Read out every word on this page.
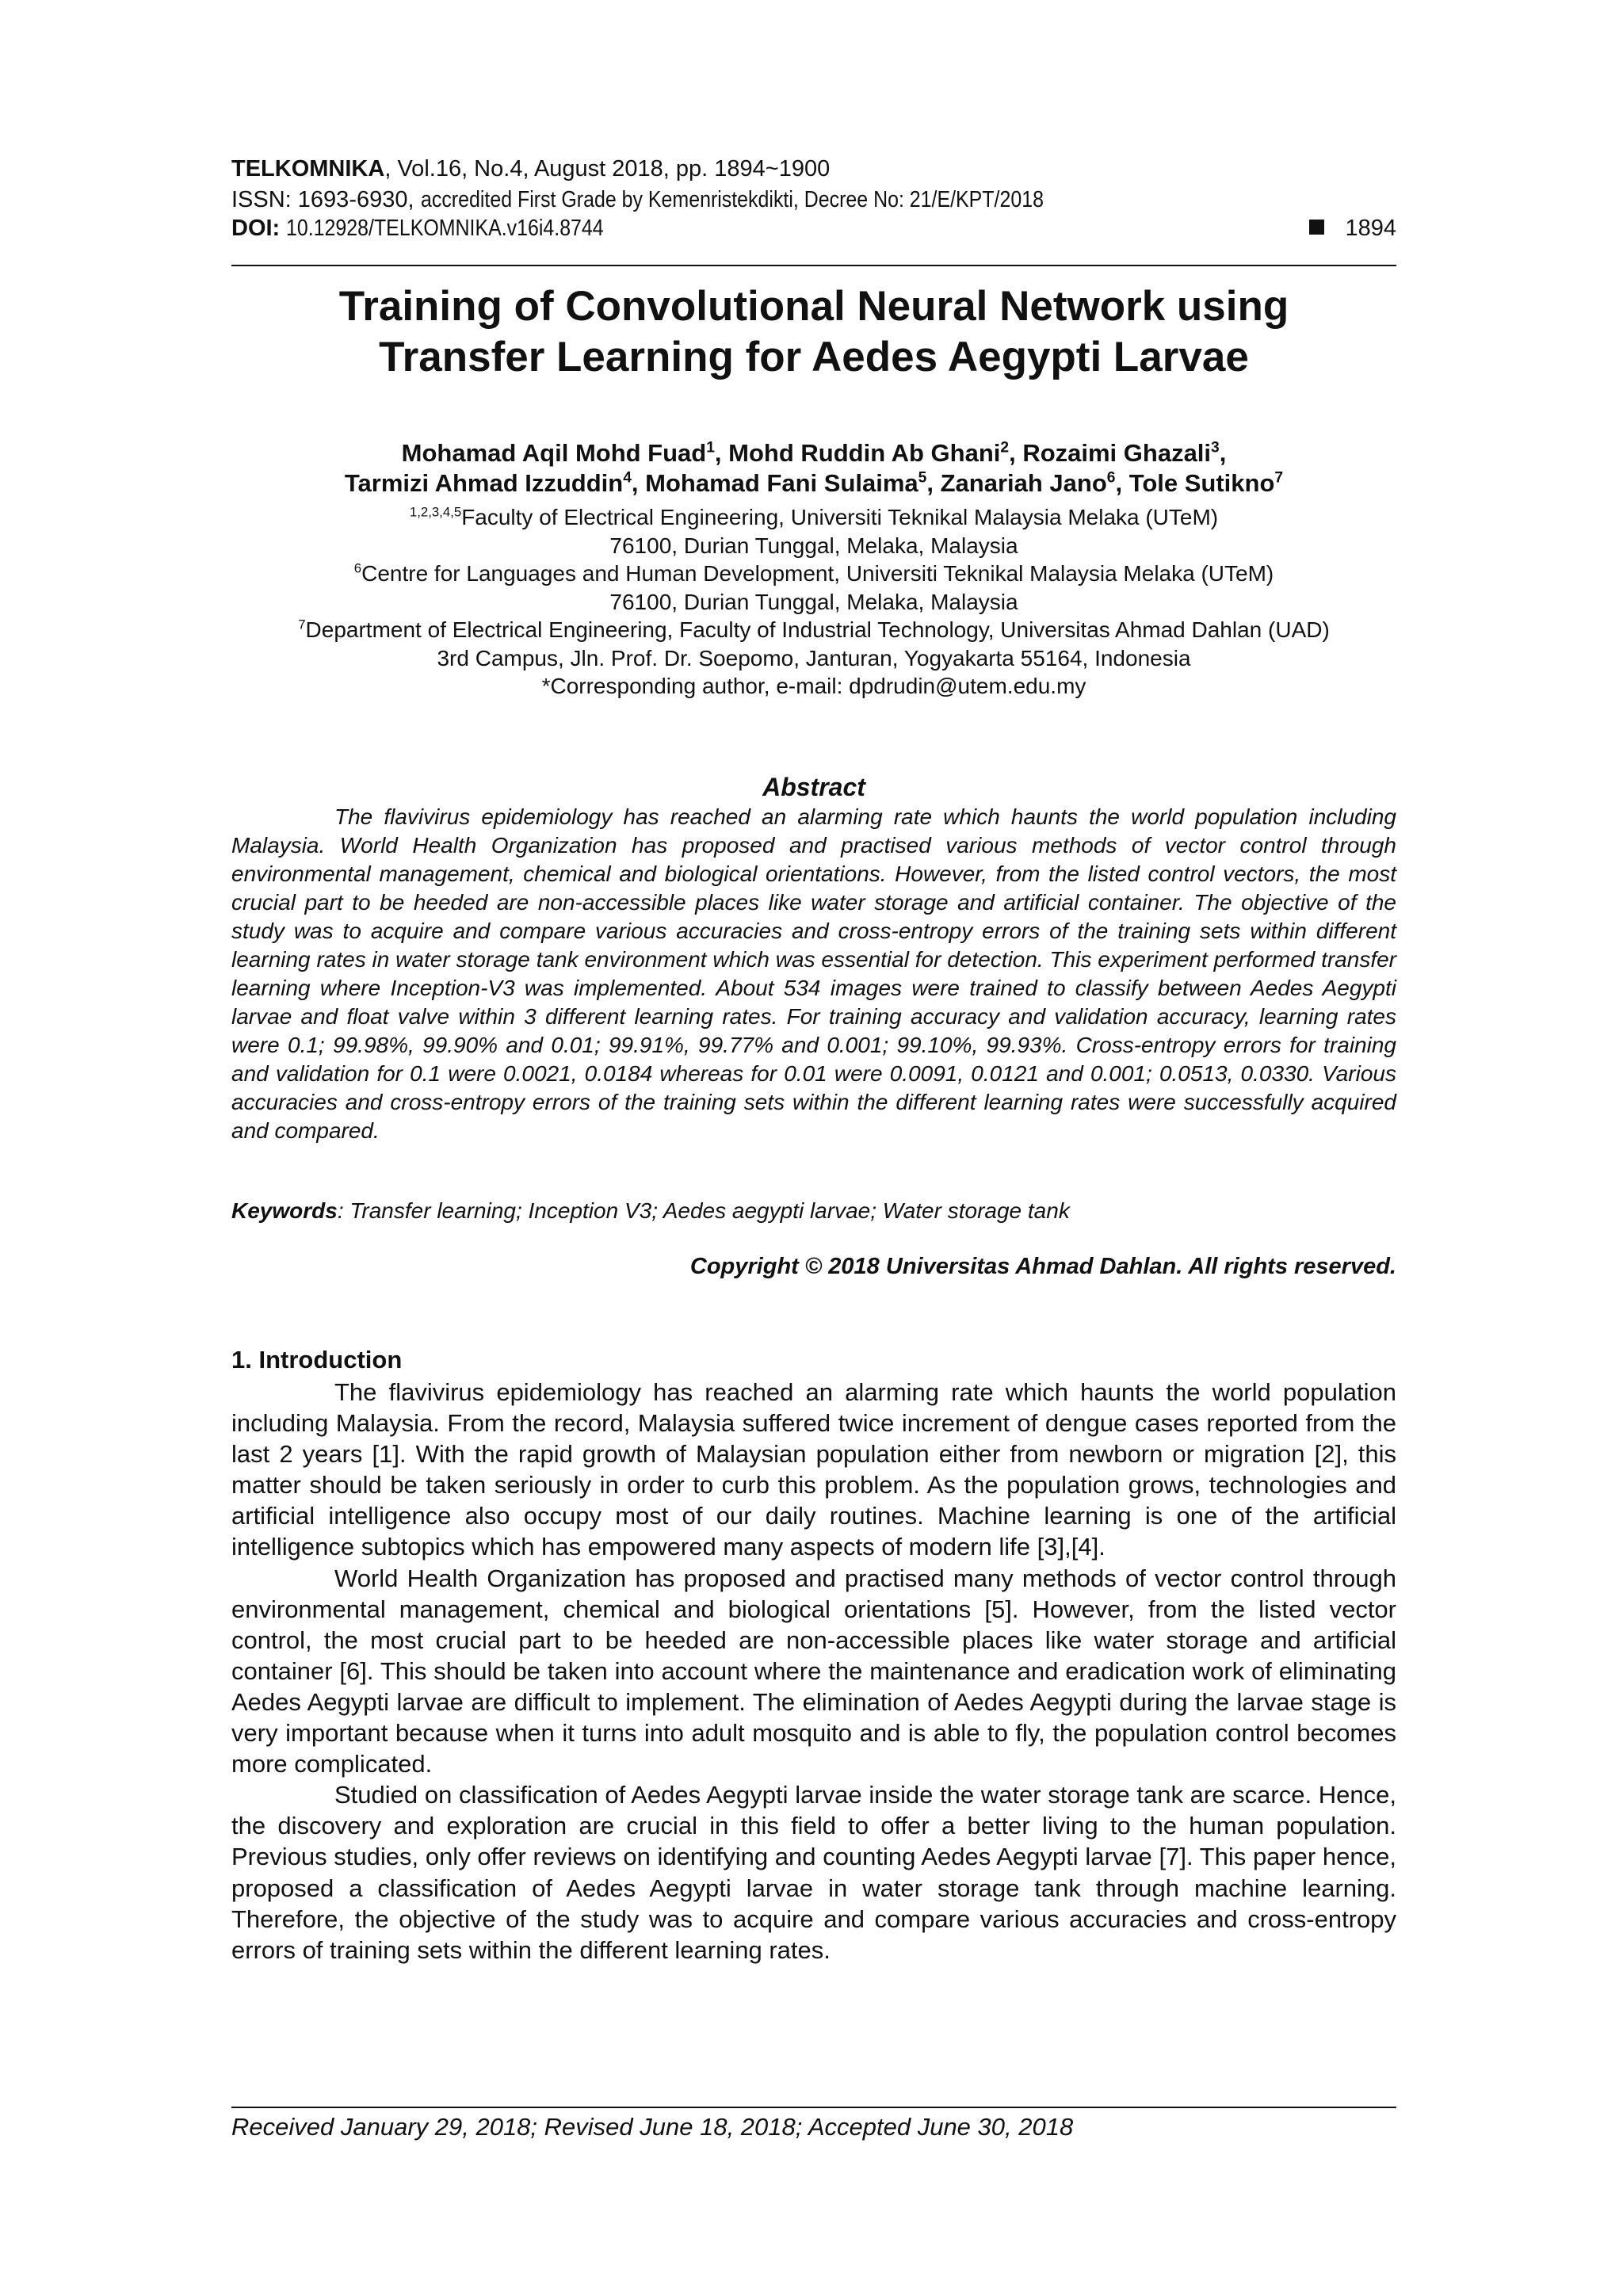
TELKOMNIKA, Vol.16, No.4, August 2018, pp. 1894~1900
ISSN: 1693-6930, accredited First Grade by Kemenristekdikti, Decree No: 21/E/KPT/2018
DOI: 10.12928/TELKOMNIKA.v16i4.8744	1894
Training of Convolutional Neural Network using
Transfer Learning for Aedes Aegypti Larvae
Mohamad Aqil Mohd Fuad$^1$, Mohd Ruddin Ab Ghani$^2$, Rozaimi Ghazali$^3$,
Tarmizi Ahmad Izzuddin$^4$, Mohamad Fani Sulaima$^5$, Zanariah Jano$^6$, Tole Sutikno$^7$
$^{1,2,3,4,5}$Faculty of Electrical Engineering, Universiti Teknikal Malaysia Melaka (UTeM)
76100, Durian Tunggal, Melaka, Malaysia
$^6$Centre for Languages and Human Development, Universiti Teknikal Malaysia Melaka (UTeM)
76100, Durian Tunggal, Melaka, Malaysia
$^7$Department of Electrical Engineering, Faculty of Industrial Technology, Universitas Ahmad Dahlan (UAD)
3rd Campus, Jln. Prof. Dr. Soepomo, Janturan, Yogyakarta 55164, Indonesia
*Corresponding author, e-mail: dpdrudin@utem.edu.my
Abstract

The flavivirus epidemiology has reached an alarming rate which haunts the world population including Malaysia. World Health Organization has proposed and practised various methods of vector control through environmental management, chemical and biological orientations. However, from the listed control vectors, the most crucial part to be heeded are non-accessible places like water storage and artificial container. The objective of the study was to acquire and compare various accuracies and cross-entropy errors of the training sets within different learning rates in water storage tank environment which was essential for detection. This experiment performed transfer learning where Inception-V3 was implemented. About 534 images were trained to classify between Aedes Aegypti larvae and float valve within 3 different learning rates. For training accuracy and validation accuracy, learning rates were 0.1; 99.98%, 99.90% and 0.01; 99.91%, 99.77% and 0.001; 99.10%, 99.93%. Cross-entropy errors for training and validation for 0.1 were 0.0021, 0.0184 whereas for 0.01 were 0.0091, 0.0121 and 0.001; 0.0513, 0.0330. Various accuracies and cross-entropy errors of the training sets within the different learning rates were successfully acquired and compared.

Keywords: Transfer learning; Inception V3; Aedes aegypti larvae; Water storage tank
Copyright © 2018 Universitas Ahmad Dahlan. All rights reserved.
1. Introduction

The flavivirus epidemiology has reached an alarming rate which haunts the world population including Malaysia. From the record, Malaysia suffered twice increment of dengue cases reported from the last 2 years [1]. With the rapid growth of Malaysian population either from newborn or migration [2], this matter should be taken seriously in order to curb this problem. As the population grows, technologies and artificial intelligence also occupy most of our daily routines. Machine learning is one of the artificial intelligence subtopics which has empowered many aspects of modern life [3],[4].

World Health Organization has proposed and practised many methods of vector control through environmental management, chemical and biological orientations [5]. However, from the listed vector control, the most crucial part to be heeded are non-accessible places like water storage and artificial container [6]. This should be taken into account where the maintenance and eradication work of eliminating Aedes Aegypti larvae are difficult to implement. The elimination of Aedes Aegypti during the larvae stage is very important because when it turns into adult mosquito and is able to fly, the population control becomes more complicated.

Studied on classification of Aedes Aegypti larvae inside the water storage tank are scarce. Hence, the discovery and exploration are crucial in this field to offer a better living to the human population. Previous studies, only offer reviews on identifying and counting Aedes Aegypti larvae [7]. This paper hence, proposed a classification of Aedes Aegypti larvae in water storage tank through machine learning. Therefore, the objective of the study was to acquire and compare various accuracies and cross-entropy errors of training sets within the different learning rates.

Received January 29, 2018; Revised June 18, 2018; Accepted June 30, 2018
